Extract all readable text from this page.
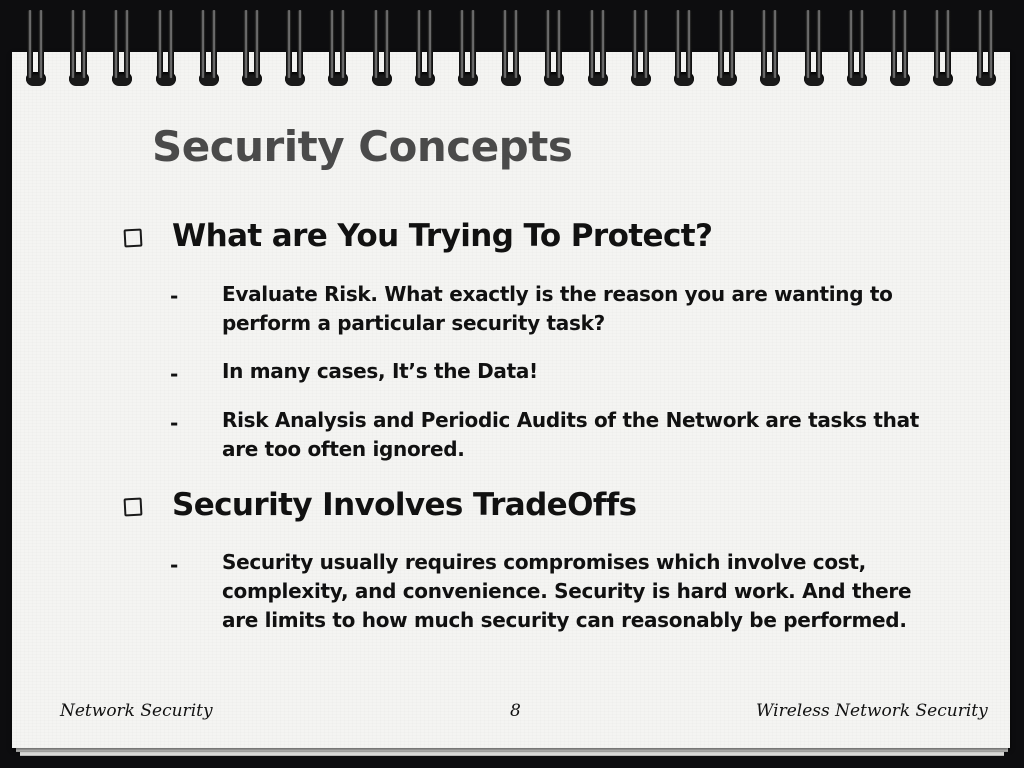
Security Concepts
What are You Trying To Protect?
- Evaluate Risk. What exactly is the reason you are wanting to perform a particular security task?
- In many cases, It’s the Data!
- Risk Analysis and Periodic Audits of the Network are tasks that are too often ignored.
Security Involves TradeOffs
- Security usually requires compromises which involve cost, complexity, and convenience. Security is hard work. And there are limits to how much security can reasonably be performed.
Network Security	8	Wireless Network Security
